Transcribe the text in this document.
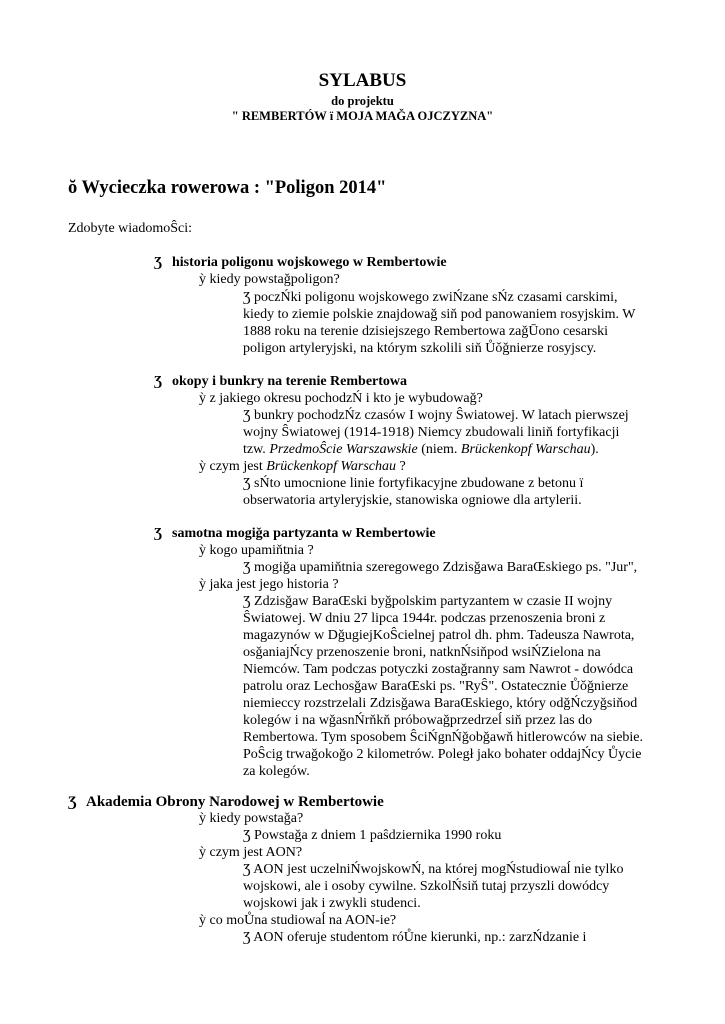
SYLABUS
do projektu
" REMBERTÓW ï MOJA MAǦA OJCZYZNA"
ŏ Wycieczka rowerowa : "Poligon 2014"
Zdobyte wiadomoŜci:
Ʒ historia poligonu wojskowego w Rembertowie
ỳ kiedy powstaǧpoligon?
Ʒ poczŃki poligonu wojskowego zwiŃzane sŃz czasami carskimi,
kiedy to ziemie polskie znajdowaǧ siň pod panowaniem rosyjskim. W
1888 roku na terenie dzisiejszego Rembertowa zaǧŪono cesarski
poligon artyleryjski, na którym szkolili siň Ůǒǧnierze rosyjscy.
Ʒ okopy i bunkry na terenie Rembertowa
ỳ z jakiego okresu pochodzŃ i kto je wybudowaǧ?
Ʒ bunkry pochodzŃz czasów I wojny Ŝwiatowej. W latach pierwszej
wojny Ŝwiatowej (1914-1918) Niemcy zbudowali liniň fortyfikacji
tzw. PrzedmoŜcie Warszawskie (niem. Brückenkopf Warschau).
ỳ czym jest Brückenkopf Warschau ?
Ʒ sŃto umocnione linie fortyfikacyjne zbudowane z betonu ï
obserwatoria artyleryjskie, stanowiska ogniowe dla artylerii.
Ʒ samotna mogiǧa partyzanta w Rembertowie
ỳ kogo upamiňtnia ?
Ʒ mogiǧa upamiňtnia szeregowego Zdzisǧawa BaraŒskiego ps. "Jur",
ỳ jaka jest jego historia ?
Ʒ Zdzisǧaw BaraŒski byǧpolskim partyzantem w czasie II wojny
Ŝwiatowej. W dniu 27 lipca 1944r. podczas przenoszenia broni z
magazynów w DǧugiejKoŜcielnej patrol dh. phm. Tadeusza Nawrota,
osǧaniajŃcy przenoszenie broni, natknŃsiňpod wsiŃZielona na
Niemców. Tam podczas potyczki zostaǧranny sam Nawrot - dowódca
patrolu oraz Lechosǧaw BaraŒski ps. "RyŜ". Ostatecznie Ůǒǧnierze
niemieccy rozstrzelali Zdzisǧawa BaraŒskiego, który odǧŃczyǧsiňod
kolegów i na wǧasnŃrňkň próbowaǧprzedrzeĺ siň przez las do
Rembertowa. Tym sposobem ŜciŃgnŃǧobǧawň hitlerowców na siebie.
PoŜcig trwaǧokoǧo 2 kilometrów. Poległ jako bohater oddajŃcy Ůycie
za kolegów.
Ʒ Akademia Obrony Narodowej w Rembertowie
ỳ kiedy powstaǧa?
Ʒ Powstaǧa z dniem 1 paŝdziernika 1990 roku
ỳ czym jest AON?
Ʒ AON jest uczelniŃwojskowŃ, na której mogŃstudiowaĺ nie tylko
wojskowi, ale i osoby cywilne. SzkolŃsiň tutaj przyszli dowódcy
wojskowi jak i zwykli studenci.
ỳ co moŮna studiowaĺ na AON-ie?
Ʒ AON oferuje studentom róŮne kierunki, np.: zarzŃdzanie i
